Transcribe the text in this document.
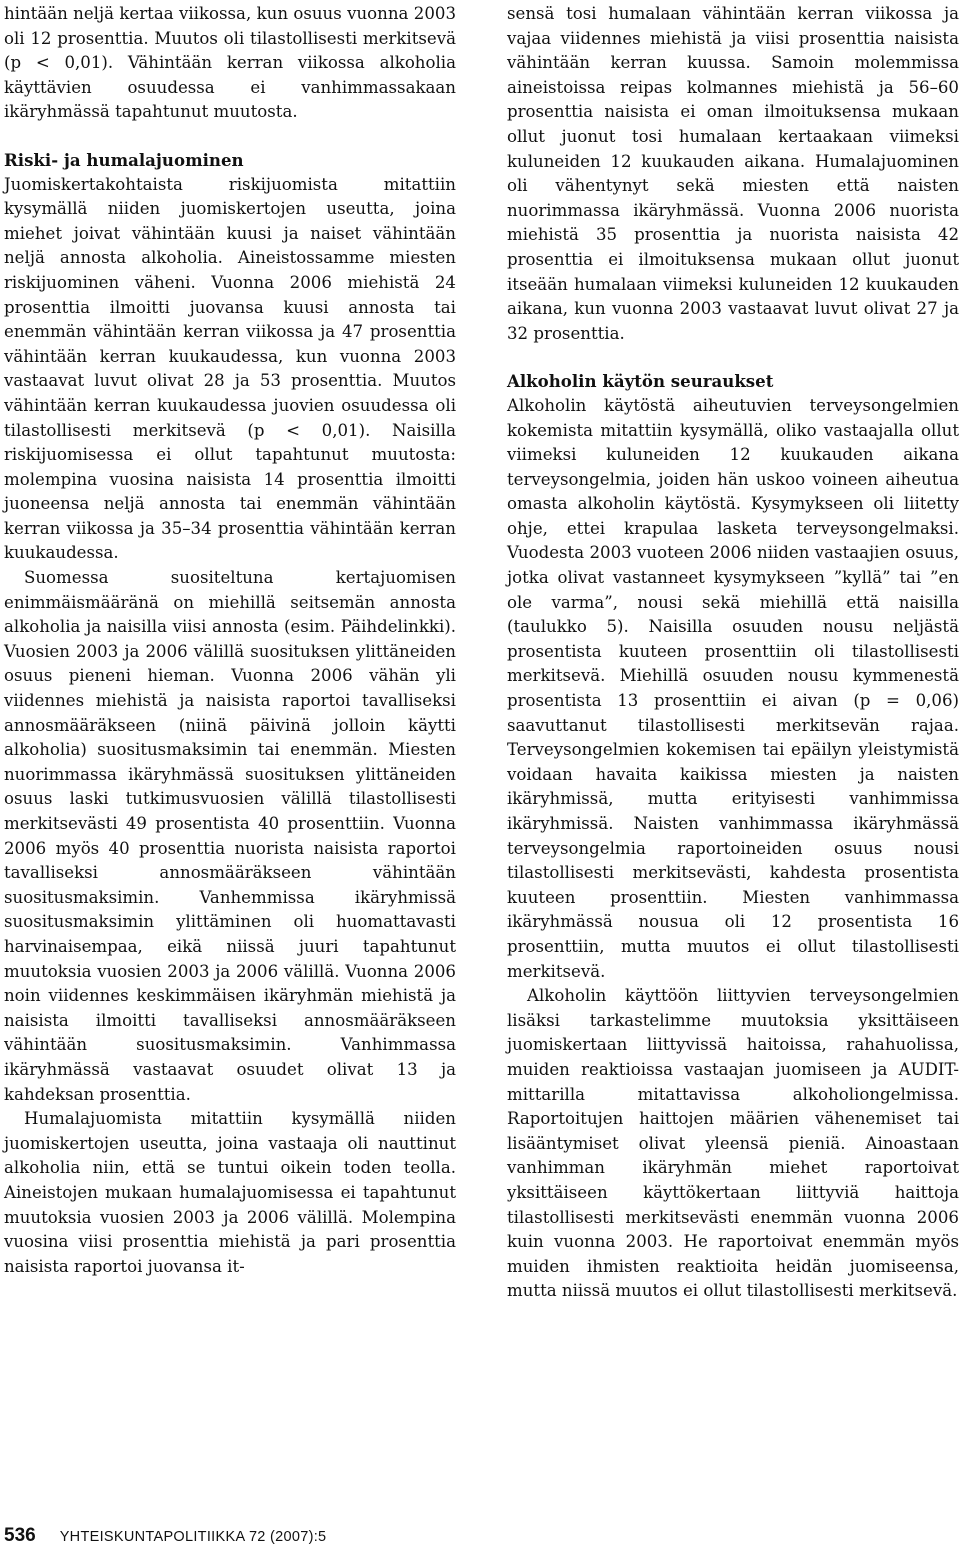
hintään neljä kertaa viikossa, kun osuus vuonna 2003 oli 12 prosenttia. Muutos oli tilastollisesti merkitsevä (p < 0,01). Vähintään kerran viikossa alkoholia käyttävien osuudessa ei vanhimmassakaan ikäryhmässä tapahtunut muutosta.

Riski- ja humalajuominen

Juomiskertakohtaista riskijuomista mitattiin kysymällä niiden juomiskertojen useutta, joina miehet joivat vähintään kuusi ja naiset vähintään neljä annosta alkoholia. Aineistossamme miesten riskijuominen väheni. Vuonna 2006 miehistä 24 prosenttia ilmoitti juovansa kuusi annosta tai enemmän vähintään kerran viikossa ja 47 prosenttia vähintään kerran kuukaudessa, kun vuonna 2003 vastaavat luvut olivat 28 ja 53 prosenttia. Muutos vähintään kerran kuukaudessa juovien osuudessa oli tilastollisesti merkitsevä (p < 0,01). Naisilla riskijuomisessa ei ollut tapahtunut muutosta: molempina vuosina naisista 14 prosenttia ilmoitti juoneensa neljä annosta tai enemmän vähintään kerran viikossa ja 35–34 prosenttia vähintään kerran kuukaudessa.

Suomessa suositeltuna kertajuomisen enimmäismääränä on miehillä seitsemän annosta alkoholia ja naisilla viisi annosta (esim. Päihdelinkki). Vuosien 2003 ja 2006 välillä suosituksen ylittäneiden osuus pieneni hieman. Vuonna 2006 vähän yli viidennes miehistä ja naisista raportoi tavalliseksi annosmääräkseen (niinä päivinä jolloin käytti alkoholia) suositusmaksimin tai enemmän. Miesten nuorimmassa ikäryhmässä suosituksen ylittäneiden osuus laski tutkimusvuosien välillä tilastollisesti merkitsevästi 49 prosentista 40 prosenttiin. Vuonna 2006 myös 40 prosenttia nuorista naisista raportoi tavalliseksi annosmääräkseen vähintään suositusmaksimin. Vanhemmissa ikäryhmissä suositusmaksimin ylittäminen oli huomattavasti harvinaisempaa, eikä niissä juuri tapahtunut muutoksia vuosien 2003 ja 2006 välillä. Vuonna 2006 noin viidennes keskimmäisen ikäryhmän miehistä ja naisista ilmoitti tavalliseksi annosmääräkseen vähintään suositusmaksimin. Vanhimmassa ikäryhmässä vastaavat osuudet olivat 13 ja kahdeksan prosenttia.

Humalajuomista mitattiin kysymällä niiden juomiskertojen useutta, joina vastaaja oli nauttinut alkoholia niin, että se tuntui oikein toden teolla. Aineistojen mukaan humalajuomisessa ei tapahtunut muutoksia vuosien 2003 ja 2006 välillä. Molempina vuosina viisi prosenttia miehistä ja pari prosenttia naisista raportoi juovansa it-

sensä tosi humalaan vähintään kerran viikossa ja vajaa viidennes miehistä ja viisi prosenttia naisista vähintään kerran kuussa. Samoin molemmissa aineistoissa reipas kolmannes miehistä ja 56–60 prosenttia naisista ei oman ilmoituksensa mukaan ollut juonut tosi humalaan kertaakaan viimeksi kuluneiden 12 kuukauden aikana. Humalajuominen oli vähentynyt sekä miesten että naisten nuorimmassa ikäryhmässä. Vuonna 2006 nuorista miehistä 35 prosenttia ja nuorista naisista 42 prosenttia ei ilmoituksensa mukaan ollut juonut itseään humalaan viimeksi kuluneiden 12 kuukauden aikana, kun vuonna 2003 vastaavat luvut olivat 27 ja 32 prosenttia.

Alkoholin käytön seuraukset

Alkoholin käytöstä aiheutuvien terveysongelmien kokemista mitattiin kysymällä, oliko vastaajalla ollut viimeksi kuluneiden 12 kuukauden aikana terveysongelmia, joiden hän uskoo voineen aiheutua omasta alkoholin käytöstä. Kysymykseen oli liitetty ohje, ettei krapulaa lasketa terveysongelmaksi. Vuodesta 2003 vuoteen 2006 niiden vastaajien osuus, jotka olivat vastanneet kysymykseen ”kyllä” tai ”en ole varma”, nousi sekä miehillä että naisilla (taulukko 5). Naisilla osuuden nousu neljästä prosentista kuuteen prosenttiin oli tilastollisesti merkitsevä. Miehillä osuuden nousu kymmenestä prosentista 13 prosenttiin ei aivan (p = 0,06) saavuttanut tilastollisesti merkitsevän rajaa. Terveysongelmien kokemisen tai epäilyn yleistymistä voidaan havaita kaikissa miesten ja naisten ikäryhmissä, mutta erityisesti vanhimmissa ikäryhmissä. Naisten vanhimmassa ikäryhmässä terveysongelmia raportoineiden osuus nousi tilastollisesti merkitsevästi, kahdesta prosentista kuuteen prosenttiin. Miesten vanhimmassa ikäryhmässä nousua oli 12 prosentista 16 prosenttiin, mutta muutos ei ollut tilastollisesti merkitsevä.

Alkoholin käyttöön liittyvien terveysongelmien lisäksi tarkastelimme muutoksia yksittäiseen juomiskertaan liittyvissä haitoissa, rahahuolissa, muiden reaktioissa vastaajan juomiseen ja AUDIT-mittarilla mitattavissa alkoholiongelmissa. Raportoitujen haittojen määrien vähenemiset tai lisääntymiset olivat yleensä pieniä. Ainoastaan vanhimman ikäryhmän miehet raportoivat yksittäiseen käyttökertaan liittyviä haittoja tilastollisesti merkitsevästi enemmän vuonna 2006 kuin vuonna 2003. He raportoivat enemmän myös muiden ihmisten reaktioita heidän juomiseensa, mutta niissä muutos ei ollut tilastollisesti merkitsevä.

536 YHTEISKUNTAPOLITIIKKA 72 (2007):5
